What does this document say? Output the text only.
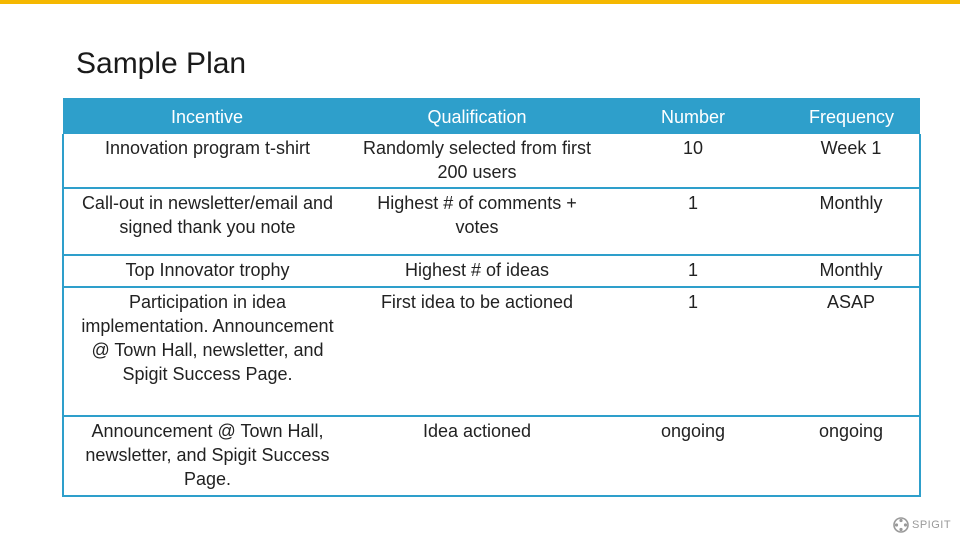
Sample Plan
Incentive	Qualification	Number	Frequency
Innovation program t-shirt	Randomly selected from first 200 users	10	Week 1
Call-out in newsletter/email and signed thank you note	Highest # of comments + votes	1	Monthly
Top Innovator trophy	Highest # of ideas	1	Monthly
Participation in idea implementation. Announcement @ Town Hall, newsletter, and Spigit Success Page.	First idea to be actioned	1	ASAP
Announcement @ Town Hall, newsletter, and Spigit Success Page.	Idea actioned	ongoing	ongoing
SPIGIT
